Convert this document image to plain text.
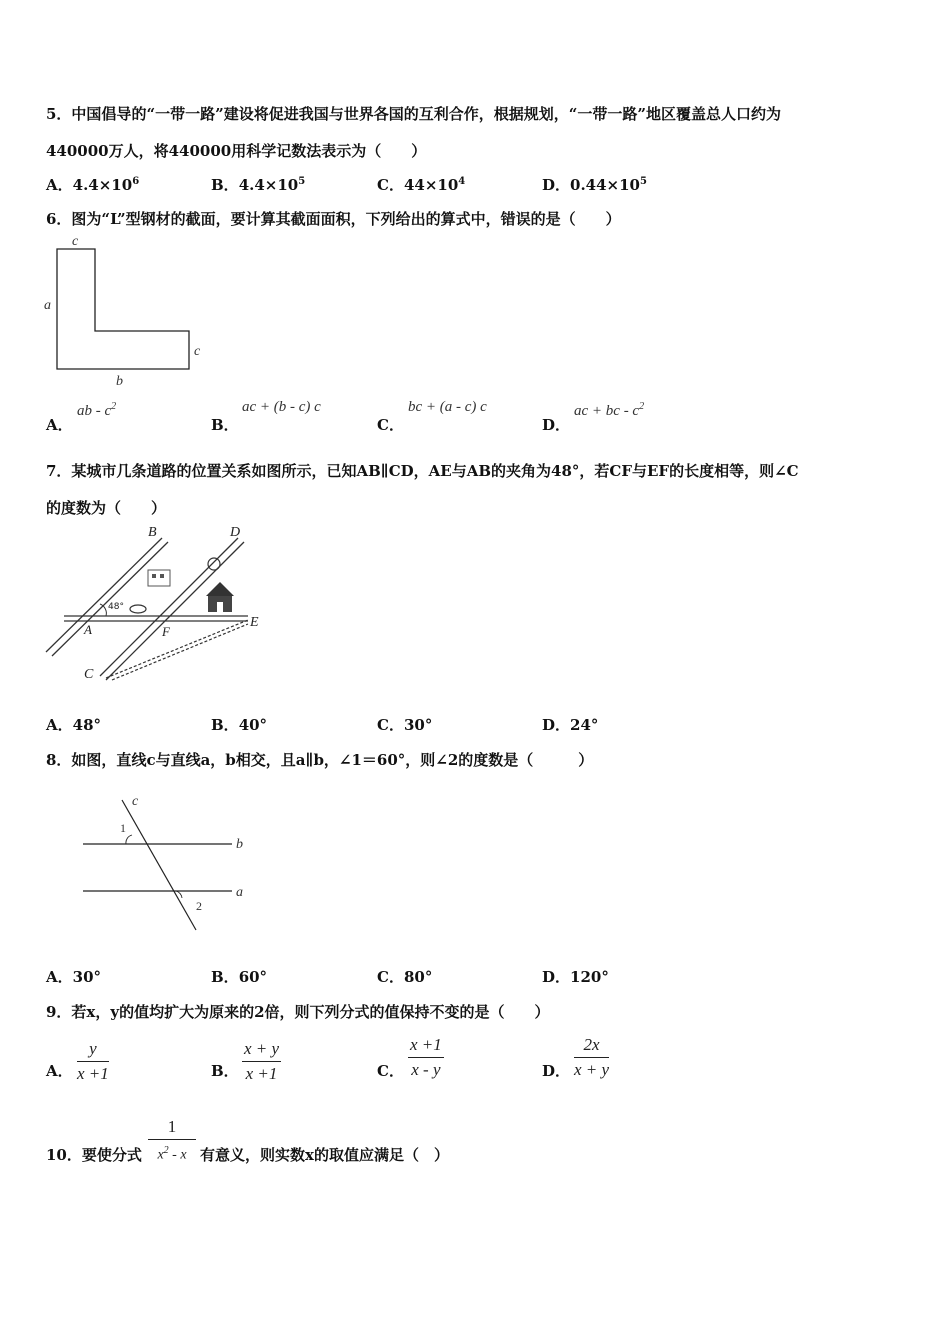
5．中国倡导的“一带一路”建设将促进我国与世界各国的互利合作，根据规划，“一带一路”地区覆盖总人口约为
440000万人，将440000用科学记数法表示为（　　）
A．$4.4\times 10^6$	B．$4.4\times 10^5$	C．$44\times 10^4$	D．$0.44\times 10^5$
6．图为“L”型钢材的截面，要计算其截面面积，下列给出的算式中，错误的是（　　）
c
a
c
b
A．
ab - $c^2$
B．
ac + (b - c) c
C．
bc + (a - c) c
D．
ac + bc - $c^2$
7．某城市几条道路的位置关系如图所示，已知AB∥CD，AE与AB的夹角为48°，若CF与EF的长度相等，则∠C
的度数为（　　）
B	D
A	F
E
C
48°
A．48°	B．40°	C．30°	D．24°
8．如图，直线c与直线a，b相交，且a∥b，∠1＝60°，则∠2的度数是（　　　）
c
1
b
a
2
A．30°	B．60°	C．80°	D．120°
9．若x，y的值均扩大为原来的2倍，则下列分式的值保持不变的是（　　）
A．
y
x +1	B．
x + y
x +1	C．
x +1
x - y	D．
2x
x + y
10．要使分式
1
$x^2$ - x 有意义，则实数x的取值应满足（　）
